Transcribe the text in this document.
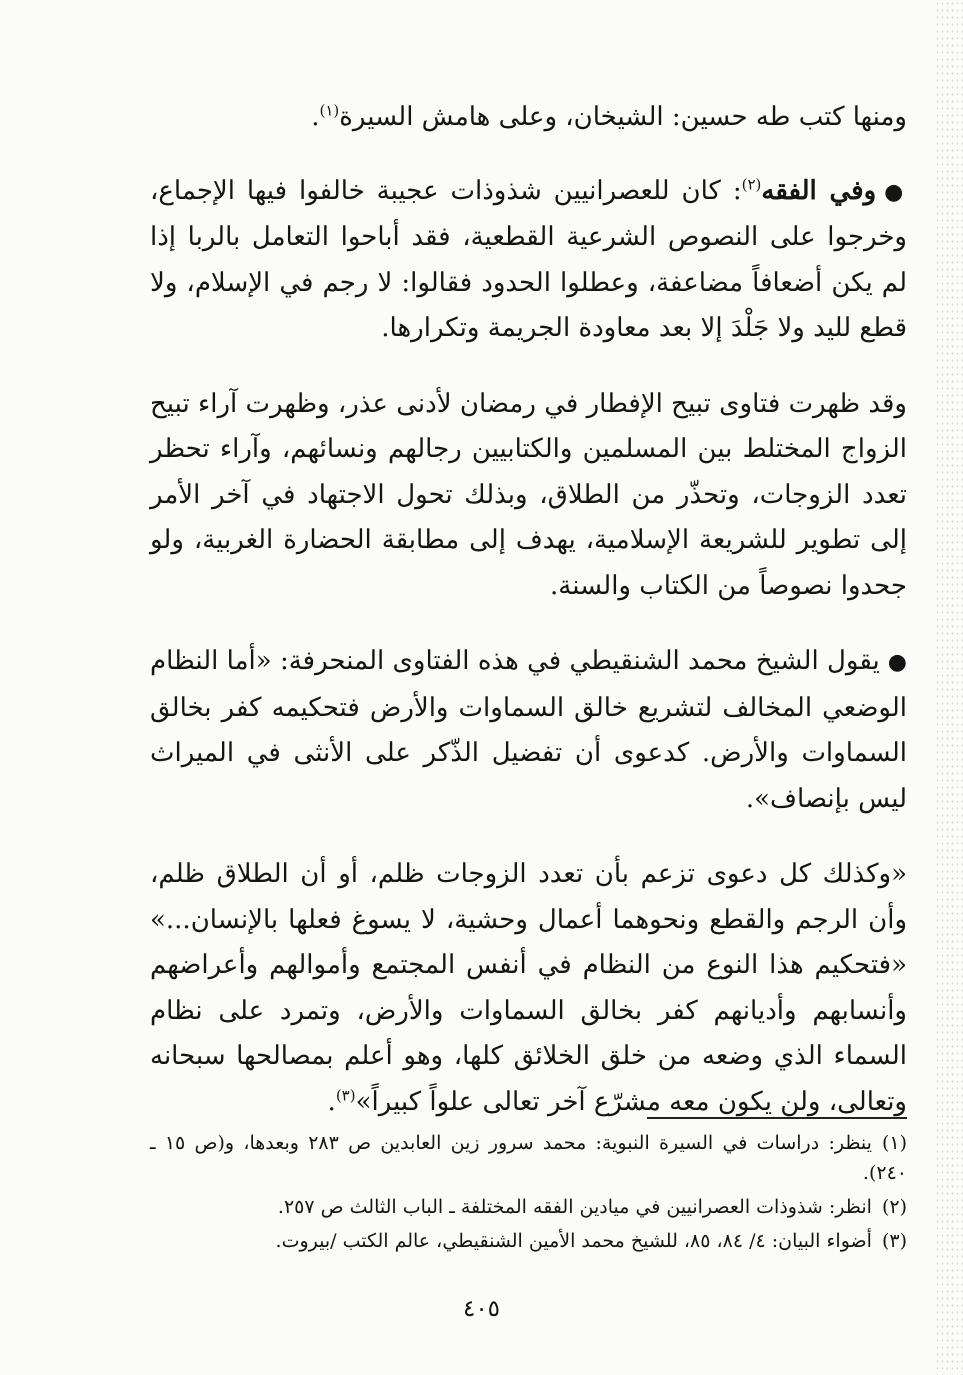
ومنها كتب طه حسين: الشيخان، وعلى هامش السيرة$^{(١)}$.

●وفي الفقه$^{(٢)}$: كان للعصرانيين شذوذات عجيبة خالفوا فيها الإجماع، وخرجوا على النصوص الشرعية القطعية، فقد أباحوا التعامل بالربا إذا لم يكن أضعافاً مضاعفة، وعطلوا الحدود فقالوا: لا رجم في الإسلام، ولا قطع لليد ولا جَلْدَ إلا بعد معاودة الجريمة وتكرارها.

وقد ظهرت فتاوى تبيح الإفطار في رمضان لأدنى عذر، وظهرت آراء تبيح الزواج المختلط بين المسلمين والكتابيين رجالهم ونسائهم، وآراء تحظر تعدد الزوجات، وتحذّر من الطلاق، وبذلك تحول الاجتهاد في آخر الأمر إلى تطوير للشريعة الإسلامية، يهدف إلى مطابقة الحضارة الغربية، ولو جحدوا نصوصاً من الكتاب والسنة.

●يقول الشيخ محمد الشنقيطي في هذه الفتاوى المنحرفة: «أما النظام الوضعي المخالف لتشريع خالق السماوات والأرض فتحكيمه كفر بخالق السماوات والأرض. كدعوى أن تفضيل الذّكر على الأنثى في الميراث ليس بإنصاف».

«وكذلك كل دعوى تزعم بأن تعدد الزوجات ظلم، أو أن الطلاق ظلم، وأن الرجم والقطع ونحوهما أعمال وحشية، لا يسوغ فعلها بالإنسان...» «فتحكيم هذا النوع من النظام في أنفس المجتمع وأموالهم وأعراضهم وأنسابهم وأديانهم كفر بخالق السماوات والأرض، وتمرد على نظام السماء الذي وضعه من خلق الخلائق كلها، وهو أعلم بمصالحها سبحانه وتعالى، ولن يكون معه مشرّع آخر تعالى علواً كبيراً»$^{(٣)}$.

(١)ينظر: دراسات في السيرة النبوية: محمد سرور زين العابدين ص ٢٨٣ وبعدها، و(ص ١٥ ـ ٢٤٠).

(٢)انظر: شذوذات العصرانيين في ميادين الفقه المختلفة ـ الباب الثالث ص ٢٥٧.

(٣)أضواء البيان: ٤/ ٨٤، ٨٥، للشيخ محمد الأمين الشنقيطي، عالم الكتب /بيروت.

٤٠٥
